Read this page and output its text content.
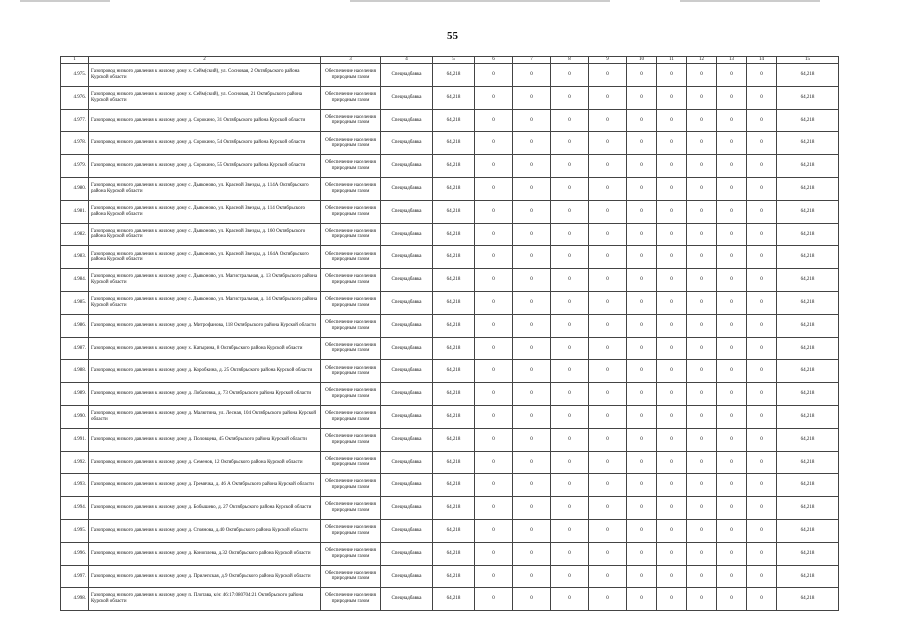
55
1	2	3	4	5	6	7	8	9	10	11	12	13	14	15
4.975.	Газопровод низкого давления к жилому дому х. Сейм(ский), ул. Сосновая, 2 Октябрьского района Курской области	Обеспечение населения природным газом	Спецнадбавка	64,218	0	0	0	0	0	0	0	0	0	64,218
4.976.	Газопровод низкого давления к жилому дому х. Сейм(ский), ул. Сосновая, 21 Октябрьского района Курской области	Обеспечение населения природным газом	Спецнадбавка	64,218	0	0	0	0	0	0	0	0	0	64,218
4.977.	Газопровод низкого давления к жилому дому д. Сорокино, 31 Октябрьского района Курской области	Обеспечение населения природным газом	Спецнадбавка	64,218	0	0	0	0	0	0	0	0	0	64,218
4.978.	Газопровод низкого давления к жилому дому д. Сорокино, 54 Октябрьского района Курской области	Обеспечение населения природным газом	Спецнадбавка	64,218	0	0	0	0	0	0	0	0	0	64,218
4.979.	Газопровод низкого давления к жилому дому д. Сорокино, 55 Октябрьского района Курской области	Обеспечение населения природным газом	Спецнадбавка	64,218	0	0	0	0	0	0	0	0	0	64,218
4.980.	Газопровод низкого давления к жилому дому с. Дьяконово, ул. Красной Звезды, д. 114А Октябрьского района Курской области	Обеспечение населения природным газом	Спецнадбавка	64,218	0	0	0	0	0	0	0	0	0	64,218
4.981.	Газопровод низкого давления к жилому дому с. Дьяконово, ул. Красной Звезды, д. 114 Октябрьского района Курской области	Обеспечение населения природным газом	Спецнадбавка	64,218	0	0	0	0	0	0	0	0	0	64,218
4.982.	Газопровод низкого давления к жилому дому с. Дьяконово, ул. Красной Звезды, д. 160 Октябрьского района Курской области	Обеспечение населения природным газом	Спецнадбавка	64,218	0	0	0	0	0	0	0	0	0	64,218
4.983.	Газопровод низкого давления к жилому дому с. Дьяконово, ул. Красной Звезды, д. 164А Октябрьского района Курской области	Обеспечение населения природным газом	Спецнадбавка	64,218	0	0	0	0	0	0	0	0	0	64,218
4.984.	Газопровод низкого давления к жилому дому с. Дьяконово, ул. Магистральная, д. 13 Октябрьского района Курской области	Обеспечение населения природным газом	Спецнадбавка	64,218	0	0	0	0	0	0	0	0	0	64,218
4.985.	Газопровод низкого давления к жилому дому с. Дьяконово, ул. Магистральная, д. 14 Октябрьского района Курской области	Обеспечение населения природным газом	Спецнадбавка	64,218	0	0	0	0	0	0	0	0	0	64,218
4.986.	Газопровод низкого давления к жилому дому д. Митрофанова, 118 Октябрьского района Курской области	Обеспечение населения природным газом	Спецнадбавка	64,218	0	0	0	0	0	0	0	0	0	64,218
4.987.	Газопровод низкого давления к жилому дому х. Катырина, 8 Октябрьского района Курской области	Обеспечение населения природным газом	Спецнадбавка	64,218	0	0	0	0	0	0	0	0	0	64,218
4.988.	Газопровод низкого давления к жилому дому д. Коробкина, д. 25 Октябрьского района Курской области	Обеспечение населения природным газом	Спецнадбавка	64,218	0	0	0	0	0	0	0	0	0	64,218
4.989.	Газопровод низкого давления к жилому дому д. Лобазовка, д. 73 Октябрьского района Курской области	Обеспечение населения природным газом	Спецнадбавка	64,218	0	0	0	0	0	0	0	0	0	64,218
4.990.	Газопровод низкого давления к жилому дому д. Малютина, ул. Лесная, 104 Октябрьского района Курской области	Обеспечение населения природным газом	Спецнадбавка	64,218	0	0	0	0	0	0	0	0	0	64,218
4.991.	Газопровод низкого давления к жилому дому д. Половцева, 45 Октябрьского района Курской области	Обеспечение населения природным газом	Спецнадбавка	64,218	0	0	0	0	0	0	0	0	0	64,218
4.992.	Газопровод низкого давления к жилому дому д. Семенов, 12 Октябрьского района Курской области	Обеспечение населения природным газом	Спецнадбавка	64,218	0	0	0	0	0	0	0	0	0	64,218
4.993.	Газопровод низкого давления к жилому дому д. Гремячка, д. 46 А Октябрьского района Курской области	Обеспечение населения природным газом	Спецнадбавка	64,218	0	0	0	0	0	0	0	0	0	64,218
4.994.	Газопровод низкого давления к жилому дому д. Бобышево, д. 27 Октябрьского района Курской области	Обеспечение населения природным газом	Спецнадбавка	64,218	0	0	0	0	0	0	0	0	0	64,218
4.995.	Газопровод низкого давления к жилому дому д. Стоянова, д.40 Октябрьского района Курской области	Обеспечение населения природным газом	Спецнадбавка	64,218	0	0	0	0	0	0	0	0	0	64,218
4.996.	Газопровод низкого давления к жилому дому д. Коноплева, д.32 Октябрьского района Курской области	Обеспечение населения природным газом	Спецнадбавка	64,218	0	0	0	0	0	0	0	0	0	64,218
4.997.	Газопровод низкого давления к жилому дому д. Прилепская, д.9 Октябрьского района Курской области	Обеспечение населения природным газом	Спецнадбавка	64,218	0	0	0	0	0	0	0	0	0	64,218
4.998.	Газопровод низкого давления к жилому дому п. Плотава, к/н: 46:17:080704:21 Октябрьского района Курской области	Обеспечение населения природным газом	Спецнадбавка	64,218	0	0	0	0	0	0	0	0	0	64,218
